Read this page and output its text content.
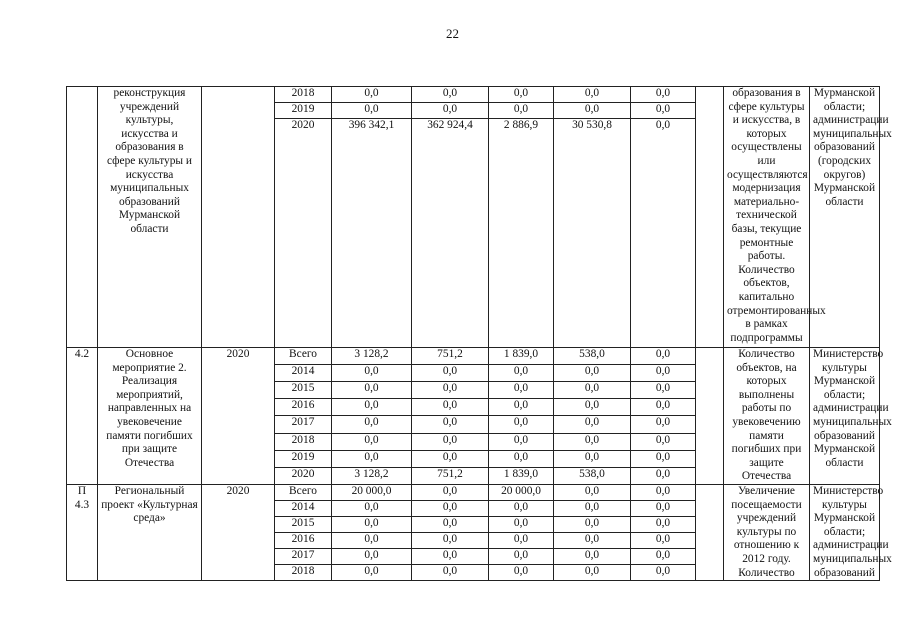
22
	реконструкция учреждений культуры, искусства и образования в сфере культуры и искусства муниципальных образований Мурманской области		2018	0,0	0,0	0,0	0,0	0,0		образования в сфере культуры и искусства, в которых осуществлены или осуществляются модернизация материально-технической базы, текущие ремонтные работы. Количество объектов, капитально отремонтированных в рамках подпрограммы	Мурманской области; администрации муниципальных образований (городских округов) Мурманской области
			2019	0,0	0,0	0,0	0,0	0,0			
			2020	396 342,1	362 924,4	2 886,9	30 530,8	0,0			
4.2	Основное мероприятие 2. Реализация мероприятий, направленных на увековечение памяти погибших при защите Отечества	2020	Всего	3 128,2	751,2	1 839,0	538,0	0,0		Количество объектов, на которых выполнены работы по увековечению памяти погибших при защите Отечества	Министерство культуры Мурманской области; администрации муниципальных образований Мурманской области
			2014	0,0	0,0	0,0	0,0	0,0			
			2015	0,0	0,0	0,0	0,0	0,0			
			2016	0,0	0,0	0,0	0,0	0,0			
			2017	0,0	0,0	0,0	0,0	0,0			
			2018	0,0	0,0	0,0	0,0	0,0			
			2019	0,0	0,0	0,0	0,0	0,0			
			2020	3 128,2	751,2	1 839,0	538,0	0,0			
П 4.3	Региональный проект «Культурная среда»	2020	Всего	20 000,0	0,0	20 000,0	0,0	0,0		Увеличение посещаемости учреждений культуры по отношению к 2012 году. Количество	Министерство культуры Мурманской области; администрации муниципальных образований
			2014	0,0	0,0	0,0	0,0	0,0			
			2015	0,0	0,0	0,0	0,0	0,0			
			2016	0,0	0,0	0,0	0,0	0,0			
			2017	0,0	0,0	0,0	0,0	0,0			
			2018	0,0	0,0	0,0	0,0	0,0			
